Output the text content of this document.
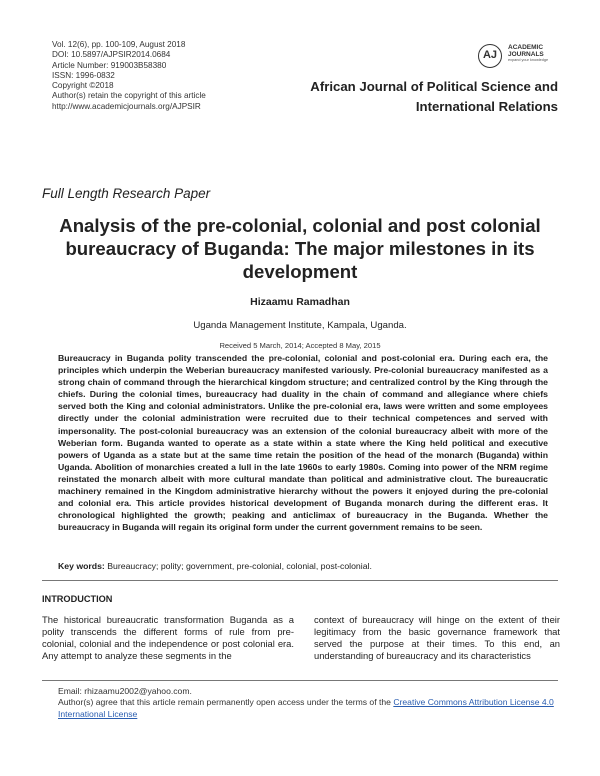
Vol. 12(6), pp. 100-109, August 2018
DOI: 10.5897/AJPSIR2014.0684
Article Number: 919003B58380
ISSN: 1996-0832
Copyright ©2018
Author(s) retain the copyright of this article
http://www.academicjournals.org/AJPSIR
AJ
ACADEMIC
JOURNALS
expand your knowledge
African Journal of Political Science and
International Relations
Full Length Research Paper
Analysis of the pre-colonial, colonial and post colonial bureaucracy of Buganda: The major milestones in its development
Hizaamu Ramadhan
Uganda Management Institute, Kampala, Uganda.
Received 5 March, 2014; Accepted 8 May, 2015
Bureaucracy in Buganda polity transcended the pre-colonial, colonial and post-colonial era. During each era, the principles which underpin the Weberian bureaucracy manifested variously. Pre-colonial bureaucracy manifested as a strong chain of command through the hierarchical kingdom structure; and centralized control by the King through the chiefs. During the colonial times, bureaucracy had duality in the chain of command and allegiance where chiefs served both the King and colonial administrators. Unlike the pre-colonial era, laws were written and some employees directly under the colonial administration were recruited due to their technical competences and served with impersonality. The post-colonial bureaucracy was an extension of the colonial bureaucracy albeit with more of the Weberian form. Buganda wanted to operate as a state within a state where the King held political and executive powers of Uganda as a state but at the same time retain the position of the head of the monarch (Buganda) within Uganda. Abolition of monarchies created a lull in the late 1960s to early 1980s. Coming into power of the NRM regime reinstated the monarch albeit with more cultural mandate than political and administrative clout. The bureaucratic machinery remained in the Kingdom administrative hierarchy without the powers it enjoyed during the pre-colonial and colonial era. This article provides historical development of Buganda monarch during the different eras. It chronological highlighted the growth; peaking and anticlimax of bureaucracy in the Buganda. Whether the bureaucracy in Buganda will regain its original form under the current government remains to be seen.
Key words: Bureaucracy; polity; government, pre-colonial, colonial, post-colonial.
INTRODUCTION
The historical bureaucratic transformation Buganda as a polity transcends the different forms of rule from pre-colonial, colonial and the independence or post colonial era. Any attempt to analyze these segments in the
context of bureaucracy will hinge on the extent of their legitimacy from the basic governance framework that served the purpose at their times. To this end, an understanding of bureaucracy and its characteristics
Email: rhizaamu2002@yahoo.com.
Author(s) agree that this article remain permanently open access under the terms of the Creative Commons Attribution License 4.0 International License
